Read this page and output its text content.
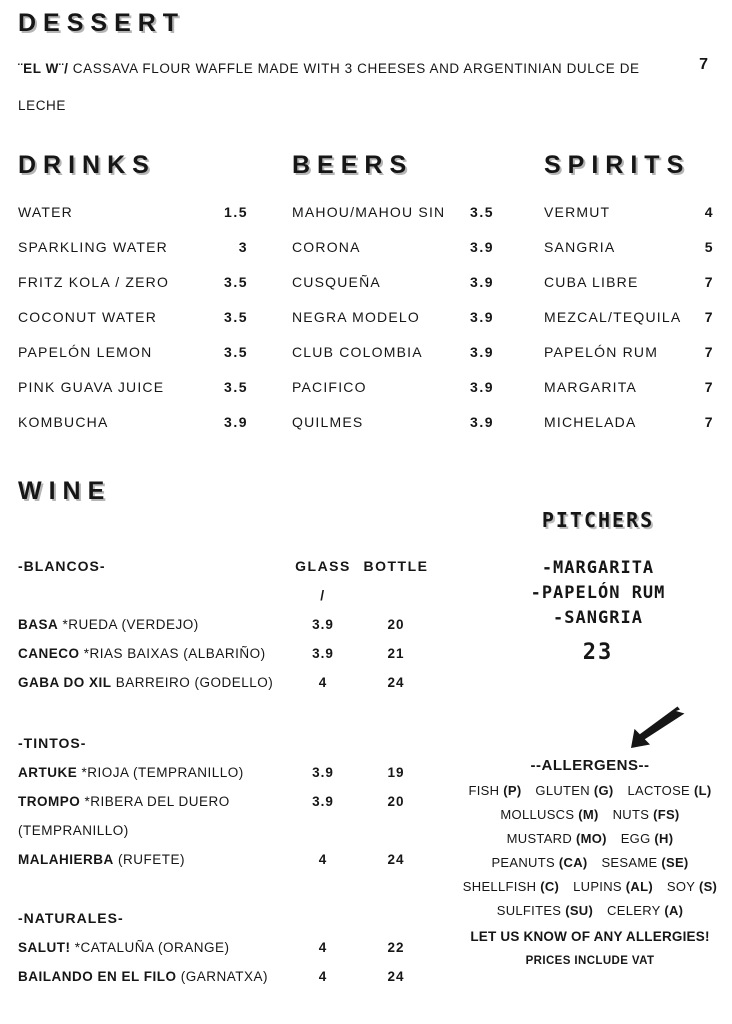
DESSERT
¨EL W¨/ CASSAVA FLOUR WAFFLE MADE WITH 3 CHEESES AND ARGENTINIAN DULCE DE LECHE
7
DRINKS
WATER	1.5
SPARKLING WATER	3
FRITZ KOLA / ZERO	3.5
COCONUT WATER	3.5
PAPELÓN LEMON	3.5
PINK GUAVA JUICE	3.5
KOMBUCHA	3.9
BEERS
MAHOU/MAHOU SIN 3.5
CORONA	3.9
CUSQUEÑA	3.9
NEGRA MODELO	3.9
CLUB COLOMBIA	3.9
PACIFICO	3.9
QUILMES	3.9
SPIRITS
VERMUT	4
SANGRIA	5
CUBA LIBRE	7
MEZCAL/TEQUILA 7
PAPELÓN RUM	7
MARGARITA	7
MICHELADA	7
WINE
-BLANCOS-	GLASS /
BOTTLE
BASA *RUEDA (VERDEJO)	3.9	20
CANECO *RIAS BAIXAS (ALBARIÑO)	3.9	21
GABA DO XIL BARREIRO (GODELLO)	4	24
-TINTOS-
ARTUKE *RIOJA (TEMPRANILLO)	3.9	19
TROMPO *RIBERA DEL DUERO	3.9	20
(TEMPRANILLO)
MALAHIERBA (RUFETE)	4	24
-NATURALES-
SALUT! *CATALUÑA (ORANGE)	4	22
BAILANDO EN EL FILO (GARNATXA)	4	24
PITCHERS
-MARGARITA
-PAPELÓN RUM
-SANGRIA
23
--ALLERGENS--
FISH (P) GLUTEN (G) LACTOSE (L)
MOLLUSCS (M) NUTS (FS)
MUSTARD (MO) EGG (H)
PEANUTS (CA) SESAME (SE)
SHELLFISH (C) LUPINS (AL) SOY (S)
SULFITES (SU) CELERY (A)
LET US KNOW OF ANY ALLERGIES!
PRICES INCLUDE VAT
